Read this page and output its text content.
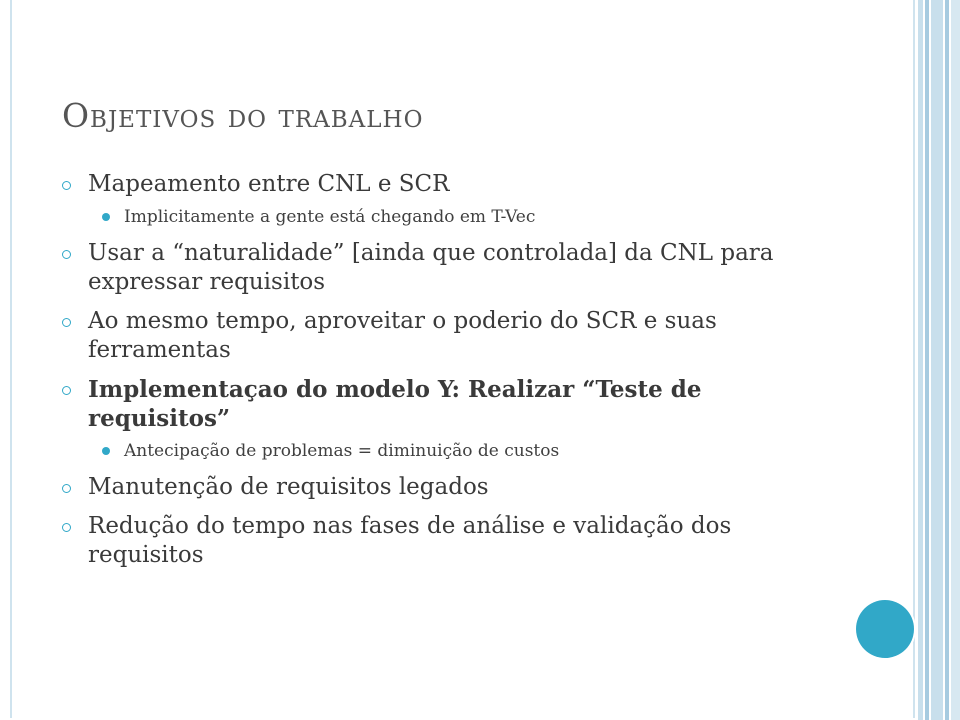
Objetivos do trabalho
Mapeamento entre CNL e SCR
Implicitamente a gente está chegando em T-Vec
Usar a “naturalidade” [ainda que controlada] da CNL para expressar requisitos
Ao mesmo tempo, aproveitar o poderio do SCR e suas ferramentas
Implementaçao do modelo Y: Realizar “Teste de requisitos”
Antecipação de problemas = diminuição de custos
Manutenção de requisitos legados
Redução do tempo nas fases de análise e validação dos requisitos
